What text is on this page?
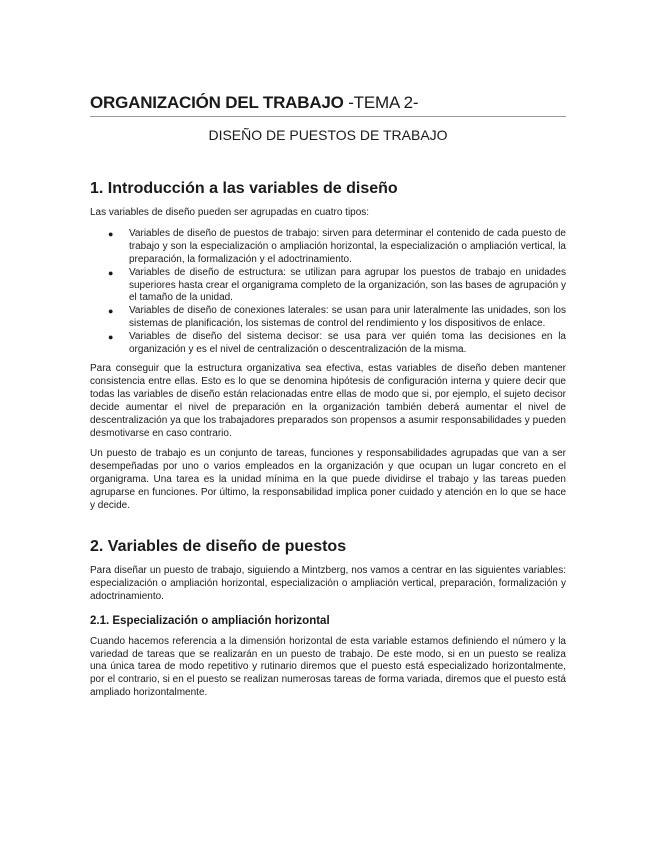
ORGANIZACIÓN DEL TRABAJO -TEMA 2-
DISEÑO DE PUESTOS DE TRABAJO
1. Introducción a las variables de diseño

Las variables de diseño pueden ser agrupadas en cuatro tipos:

● Variables de diseño de puestos de trabajo: sirven para determinar el contenido de cada puesto de trabajo y son la especialización o ampliación horizontal, la especialización o ampliación vertical, la preparación, la formalización y el adoctrinamiento.
● Variables de diseño de estructura: se utilizan para agrupar los puestos de trabajo en unidades superiores hasta crear el organigrama completo de la organización, son las bases de agrupación y el tamaño de la unidad.
● Variables de diseño de conexiones laterales: se usan para unir lateralmente las unidades, son los sistemas de planificación, los sistemas de control del rendimiento y los dispositivos de enlace.
● Variables de diseño del sistema decisor: se usa para ver quién toma las decisiones en la organización y es el nivel de centralización o descentralización de la misma.

Para conseguir que la estructura organizativa sea efectiva, estas variables de diseño deben mantener consistencia entre ellas. Esto es lo que se denomina hipótesis de configuración interna y quiere decir que todas las variables de diseño están relacionadas entre ellas de modo que si, por ejemplo, el sujeto decisor decide aumentar el nivel de preparación en la organización también deberá aumentar el nivel de descentralización ya que los trabajadores preparados son propensos a asumir responsabilidades y pueden desmotivarse en caso contrario.

Un puesto de trabajo es un conjunto de tareas, funciones y responsabilidades agrupadas que van a ser desempeñadas por uno o varios empleados en la organización y que ocupan un lugar concreto en el organigrama. Una tarea es la unidad mínima en la que puede dividirse el trabajo y las tareas pueden agruparse en funciones. Por último, la responsabilidad implica poner cuidado y atención en lo que se hace y decide.

2. Variables de diseño de puestos

Para diseñar un puesto de trabajo, siguiendo a Mintzberg, nos vamos a centrar en las siguientes variables: especialización o ampliación horizontal, especialización o ampliación vertical, preparación, formalización y adoctrinamiento.

2.1. Especialización o ampliación horizontal

Cuando hacemos referencia a la dimensión horizontal de esta variable estamos definiendo el número y la variedad de tareas que se realizarán en un puesto de trabajo. De este modo, si en un puesto se realiza una única tarea de modo repetitivo y rutinario diremos que el puesto está especializado horizontalmente, por el contrario, si en el puesto se realizan numerosas tareas de forma variada, diremos que el puesto está ampliado horizontalmente.
